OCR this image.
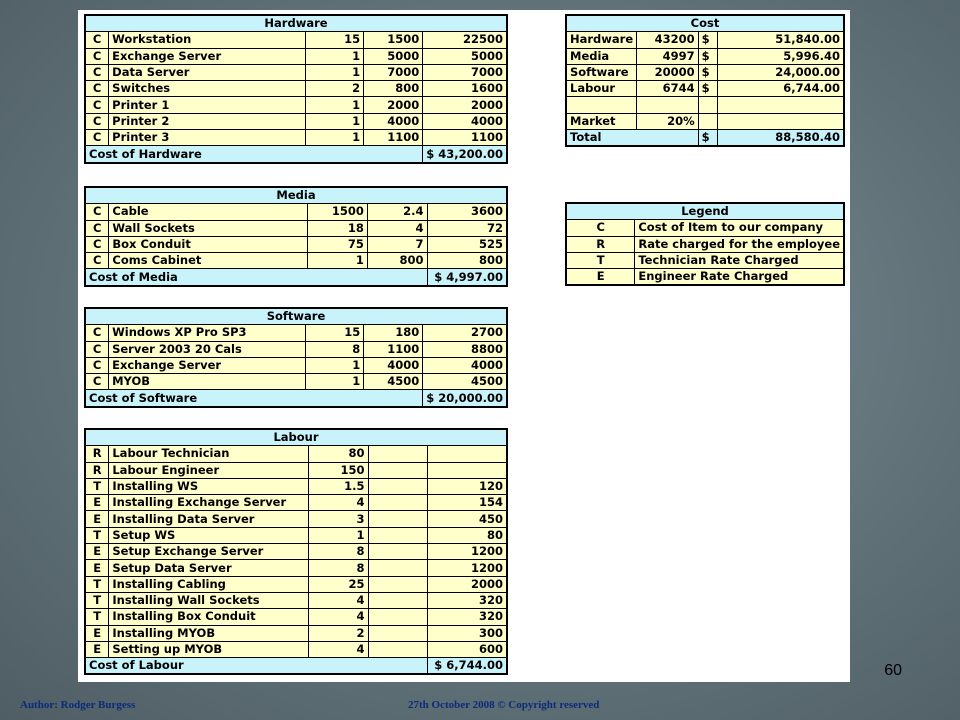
Hardware				
C	Workstation	15	1500	22500
C	Exchange Server	1	5000	5000
C	Data Server	1	7000	7000
C	Switches	2	800	1600
C	Printer 1	1	2000	2000
C	Printer 2	1	4000	4000
C	Printer 3	1	1100	1100
Cost of Hardware				$ 43,200.00
Media				
C	Cable	1500	2.4	3600
C	Wall Sockets	18	4	72
C	Box Conduit	75	7	525
C	Coms Cabinet	1	800	800
Cost of Media				$ 4,997.00
Software				
C	Windows XP Pro SP3	15	180	2700
C	Server 2003 20 Cals	8	1100	8800
C	Exchange Server	1	4000	4000
C	MYOB	1	4500	4500
Cost of Software				$ 20,000.00
Labour				
R	Labour Technician	80		
R	Labour Engineer	150		
T	Installing WS	1.5		120
E	Installing Exchange Server	4		154
E	Installing Data Server	3		450
T	Setup WS	1		80
E	Setup Exchange Server	8		1200
E	Setup Data Server	8		1200
T	Installing Cabling	25		2000
T	Installing Wall Sockets	4		320
T	Installing Box Conduit	4		320
E	Installing MYOB	2		300
E	Setting up MYOB	4		600
Cost of Labour				$ 6,744.00
Cost			
Hardware	43200	$	51,840.00
Media	4997	$	5,996.40
Software	20000	$	24,000.00
Labour	6744	$	6,744.00

Market	20%		
Total		$	88,580.40
Legend	
C	Cost of Item to our company
R	Rate charged for the employee
T	Technician Rate Charged
E	Engineer Rate Charged
60
Author: Rodger Burgess	27th October 2008 © Copyright reserved
